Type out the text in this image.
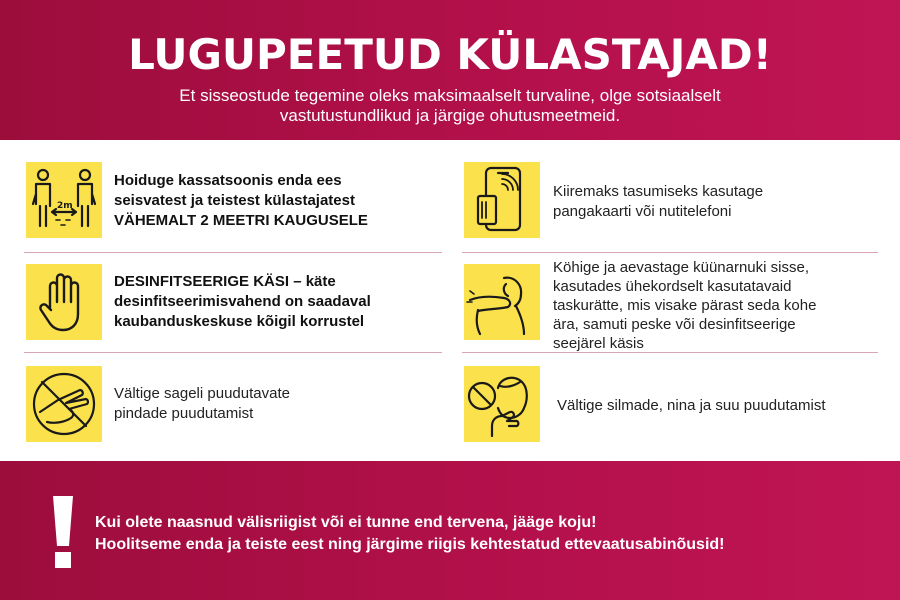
LUGUPEETUD KÜLASTAJAD!
Et sisseostude tegemine oleks maksimaalselt turvaline, olge sotsiaalselt
vastutustundlikud ja järgige ohutusmeetmeid.
2m
Hoiduge kassatsoonis enda ees
seisvatest ja teistest külastajatest
VÄHEMALT 2 MEETRI KAUGUSELE
DESINFITSEERIGE KÄSI – käte
desinfitseerimisvahend on saadaval
kaubanduskeskuse kõigil korrustel
Vältige sageli puudutavate
pindade puudutamist
Kiiremaks tasumiseks kasutage
pangakaarti või nutitelefoni
Köhige ja aevastage küünarnuki sisse,
kasutades ühekordselt kasutatavaid
taskurätte, mis visake pärast seda kohe
ära, samuti peske või desinfitseerige
seejärel käsis
Vältige silmade, nina ja suu puudutamist
Kui olete naasnud välisriigist või ei tunne end tervena, jääge koju!
Hoolitseme enda ja teiste eest ning järgime riigis kehtestatud ettevaatusabinõusid!
